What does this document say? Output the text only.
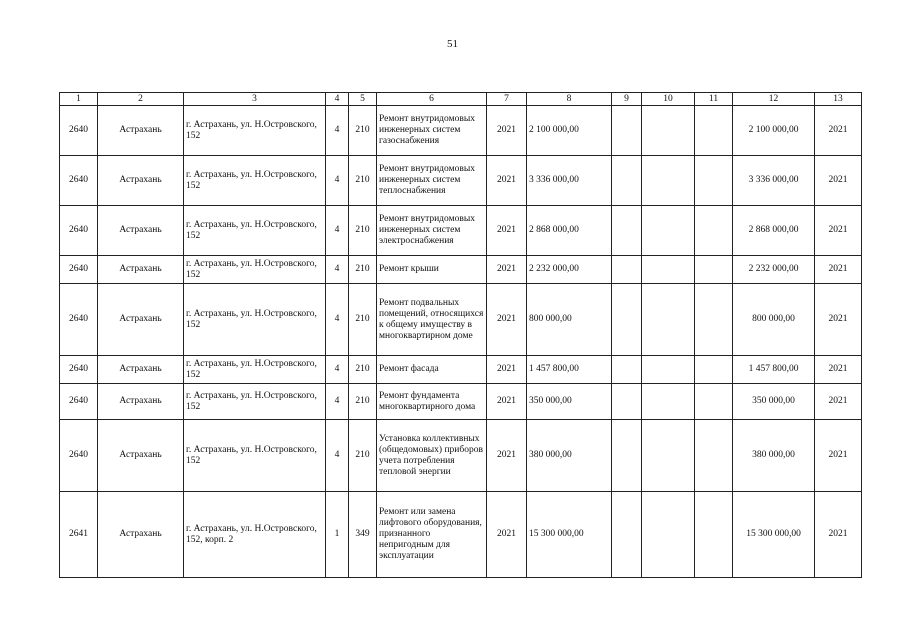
51
1	2	3	4	5	6	7	8	9	10	11	12	13
2640	Астрахань	г. Астрахань, ул. Н.Островского, 152	4	210	Ремонт внутридомовых инженерных систем газоснабжения	2021	2 100 000,00				2 100 000,00	2021
2640	Астрахань	г. Астрахань, ул. Н.Островского, 152	4	210	Ремонт внутридомовых инженерных систем теплоснабжения	2021	3 336 000,00				3 336 000,00	2021
2640	Астрахань	г. Астрахань, ул. Н.Островского, 152	4	210	Ремонт внутридомовых инженерных систем электроснабжения	2021	2 868 000,00				2 868 000,00	2021
2640	Астрахань	г. Астрахань, ул. Н.Островского, 152	4	210	Ремонт крыши	2021	2 232 000,00				2 232 000,00	2021
2640	Астрахань	г. Астрахань, ул. Н.Островского, 152	4	210	Ремонт подвальных помещений, относящихся к общему имуществу в многоквартирном доме	2021	800 000,00				800 000,00	2021
2640	Астрахань	г. Астрахань, ул. Н.Островского, 152	4	210	Ремонт фасада	2021	1 457 800,00				1 457 800,00	2021
2640	Астрахань	г. Астрахань, ул. Н.Островского, 152	4	210	Ремонт фундамента многоквартирного дома	2021	350 000,00				350 000,00	2021
2640	Астрахань	г. Астрахань, ул. Н.Островского, 152	4	210	Установка коллективных (общедомовых) приборов учета потребления тепловой энергии	2021	380 000,00				380 000,00	2021
2641	Астрахань	г. Астрахань, ул. Н.Островского, 152, корп. 2	1	349	Ремонт или замена лифтового оборудования, признанного непригодным для эксплуатации	2021	15 300 000,00				15 300 000,00	2021
